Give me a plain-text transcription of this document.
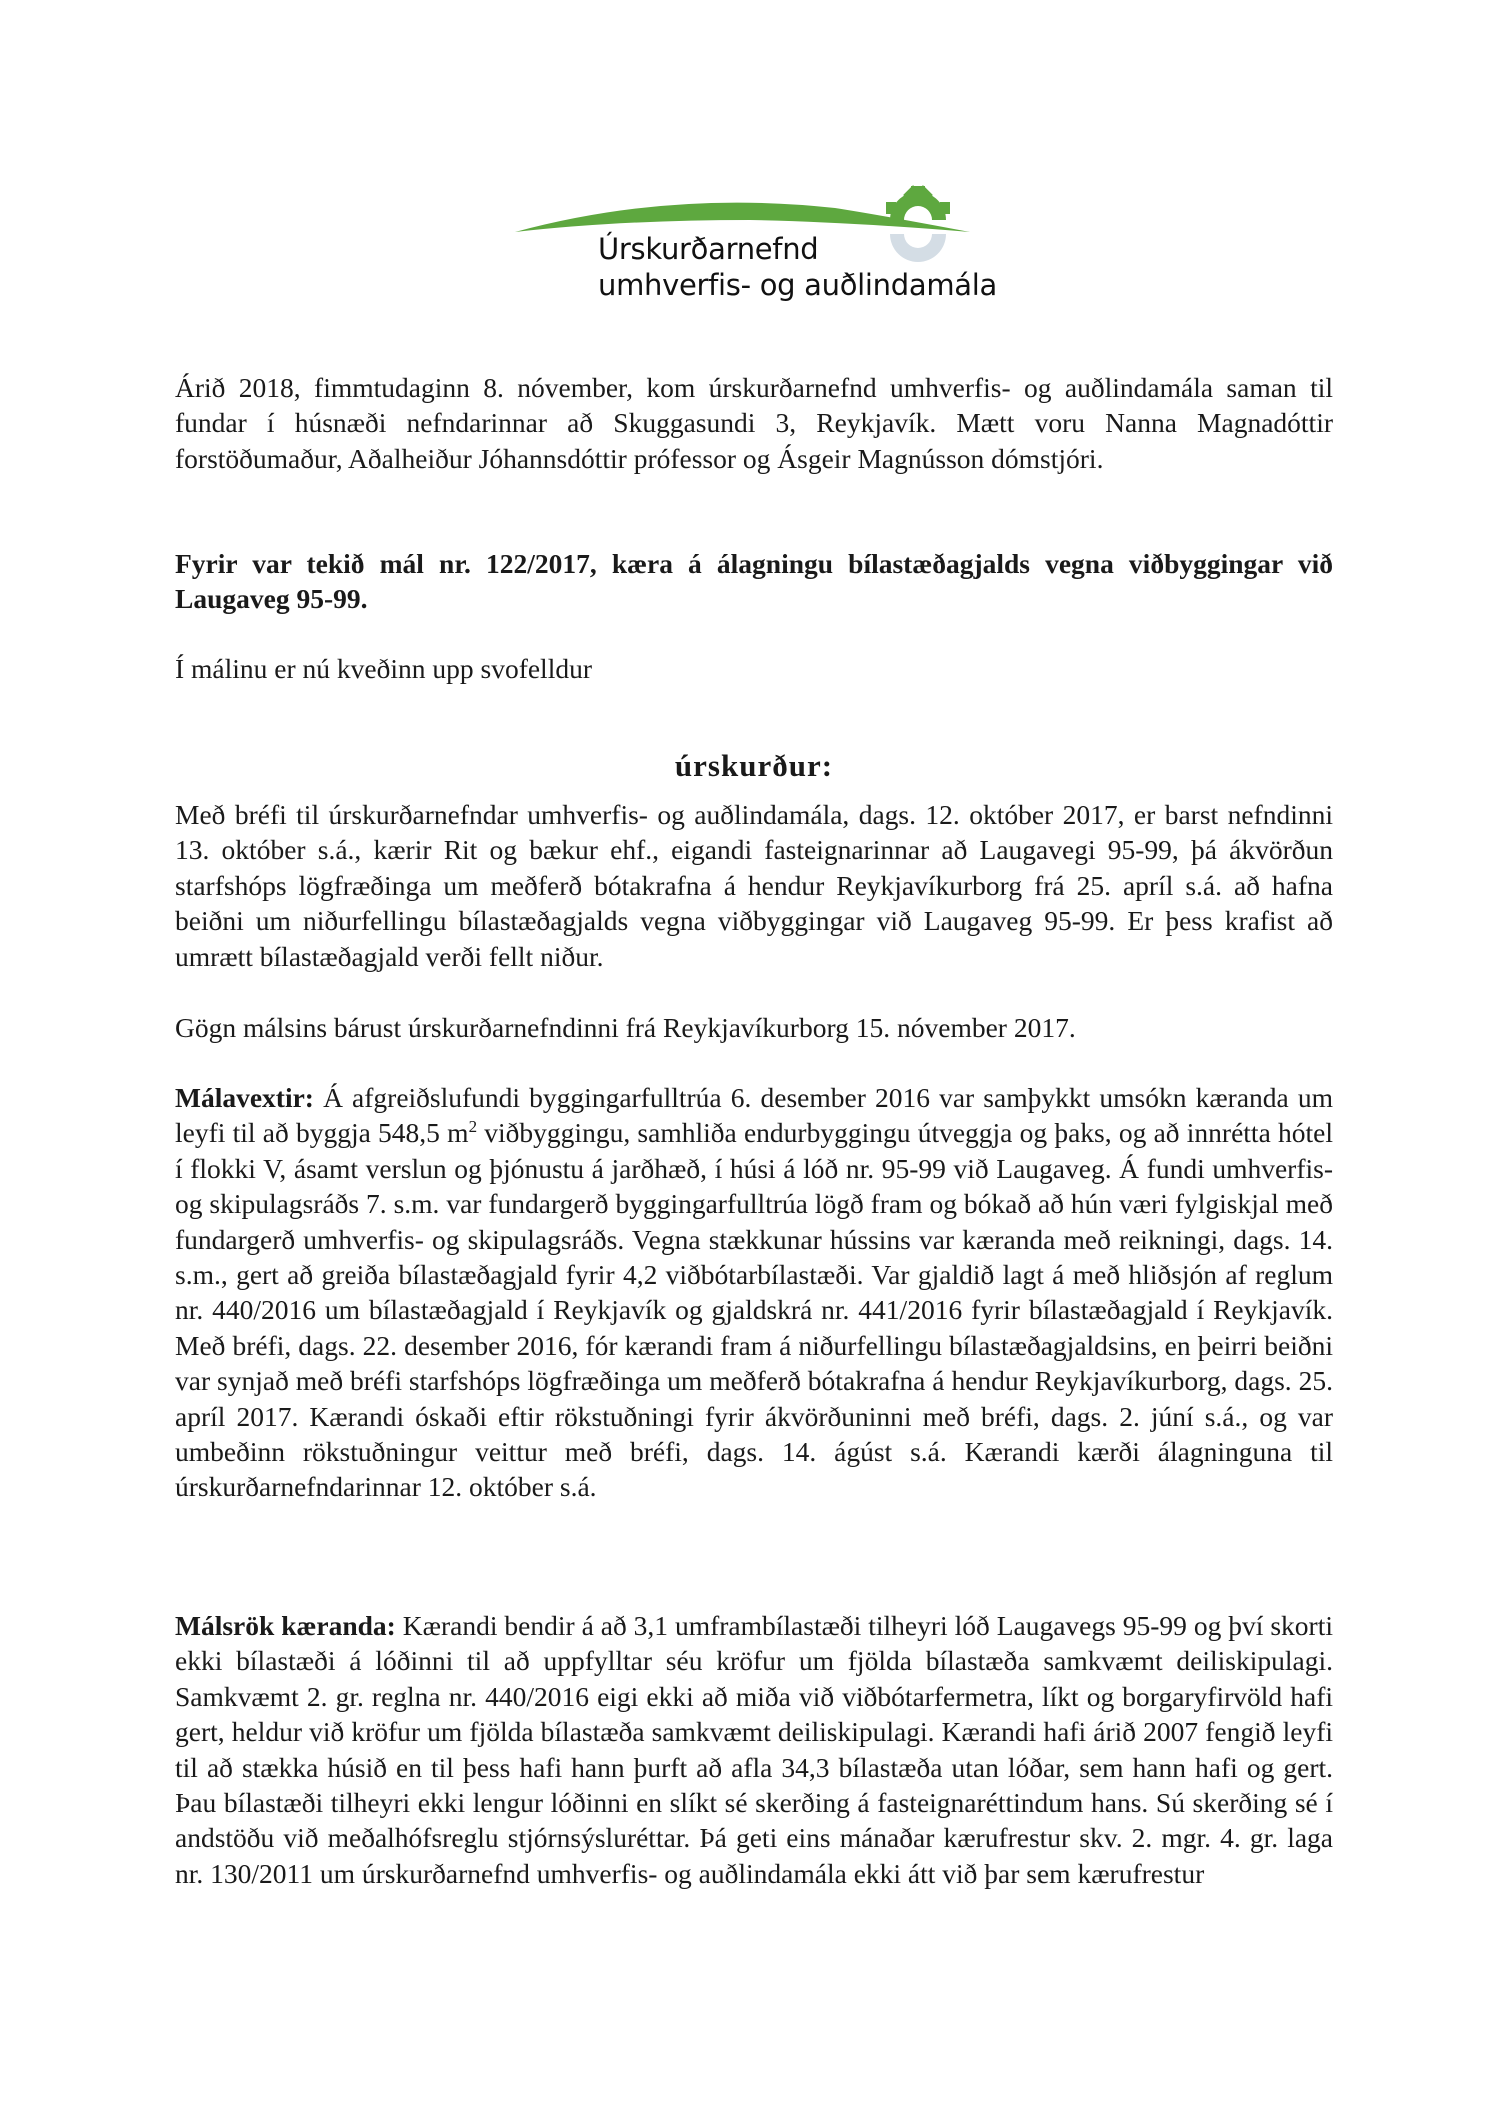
Úrskurðarnefnd
umhverfis- og auðlindamála

Árið 2018, fimmtudaginn 8. nóvember, kom úrskurðarnefnd umhverfis- og auðlindamála saman til fundar í húsnæði nefndarinnar að Skuggasundi 3, Reykjavík. Mætt voru Nanna Magnadóttir forstöðumaður, Aðalheiður Jóhannsdóttir prófessor og Ásgeir Magnússon dómstjóri.

Fyrir var tekið mál nr. 122/2017, kæra á álagningu bílastæðagjalds vegna viðbyggingar við Laugaveg 95-99.

Í málinu er nú kveðinn upp svofelldur

úrskurður:

Með bréfi til úrskurðarnefndar umhverfis- og auðlindamála, dags. 12. október 2017, er barst nefndinni 13. október s.á., kærir Rit og bækur ehf., eigandi fasteignarinnar að Laugavegi 95-99, þá ákvörðun starfshóps lögfræðinga um meðferð bótakrafna á hendur Reykjavíkurborg frá 25. apríl s.á. að hafna beiðni um niðurfellingu bílastæðagjalds vegna viðbyggingar við Laugaveg 95-99. Er þess krafist að umrætt bílastæðagjald verði fellt niður.

Gögn málsins bárust úrskurðarnefndinni frá Reykjavíkurborg 15. nóvember 2017.

Málavextir: Á afgreiðslufundi byggingarfulltrúa 6. desember 2016 var samþykkt umsókn kæranda um leyfi til að byggja 548,5 $m^2$ viðbyggingu, samhliða endurbyggingu útveggja og þaks, og að innrétta hótel í flokki V, ásamt verslun og þjónustu á jarðhæð, í húsi á lóð nr. 95-99 við Laugaveg. Á fundi umhverfis- og skipulagsráðs 7. s.m. var fundargerð byggingarfulltrúa lögð fram og bókað að hún væri fylgiskjal með fundargerð umhverfis- og skipulagsráðs. Vegna stækkunar hússins var kæranda með reikningi, dags. 14. s.m., gert að greiða bílastæðagjald fyrir 4,2 viðbótarbílastæði. Var gjaldið lagt á með hliðsjón af reglum nr. 440/2016 um bílastæðagjald í Reykjavík og gjaldskrá nr. 441/2016 fyrir bílastæðagjald í Reykjavík. Með bréfi, dags. 22. desember 2016, fór kærandi fram á niðurfellingu bílastæðagjaldsins, en þeirri beiðni var synjað með bréfi starfshóps lögfræðinga um meðferð bótakrafna á hendur Reykjavíkurborg, dags. 25. apríl 2017. Kærandi óskaði eftir rökstuðningi fyrir ákvörðuninni með bréfi, dags. 2. júní s.á., og var umbeðinn rökstuðningur veittur með bréfi, dags. 14. ágúst s.á. Kærandi kærði álagninguna til úrskurðarnefndarinnar 12. október s.á.

Málsrök kæranda: Kærandi bendir á að 3,1 umframbílastæði tilheyri lóð Laugavegs 95-99 og því skorti ekki bílastæði á lóðinni til að uppfylltar séu kröfur um fjölda bílastæða samkvæmt deiliskipulagi. Samkvæmt 2. gr. reglna nr. 440/2016 eigi ekki að miða við viðbótarfermetra, líkt og borgaryfirvöld hafi gert, heldur við kröfur um fjölda bílastæða samkvæmt deiliskipulagi. Kærandi hafi árið 2007 fengið leyfi til að stækka húsið en til þess hafi hann þurft að afla 34,3 bílastæða utan lóðar, sem hann hafi og gert. Þau bílastæði tilheyri ekki lengur lóðinni en slíkt sé skerðing á fasteignaréttindum hans. Sú skerðing sé í andstöðu við meðalhófsreglu stjórnsýsluréttar. Þá geti eins mánaðar kærufrestur skv. 2. mgr. 4. gr. laga nr. 130/2011 um úrskurðarnefnd umhverfis- og auðlindamála ekki átt við þar sem kærufrestur
